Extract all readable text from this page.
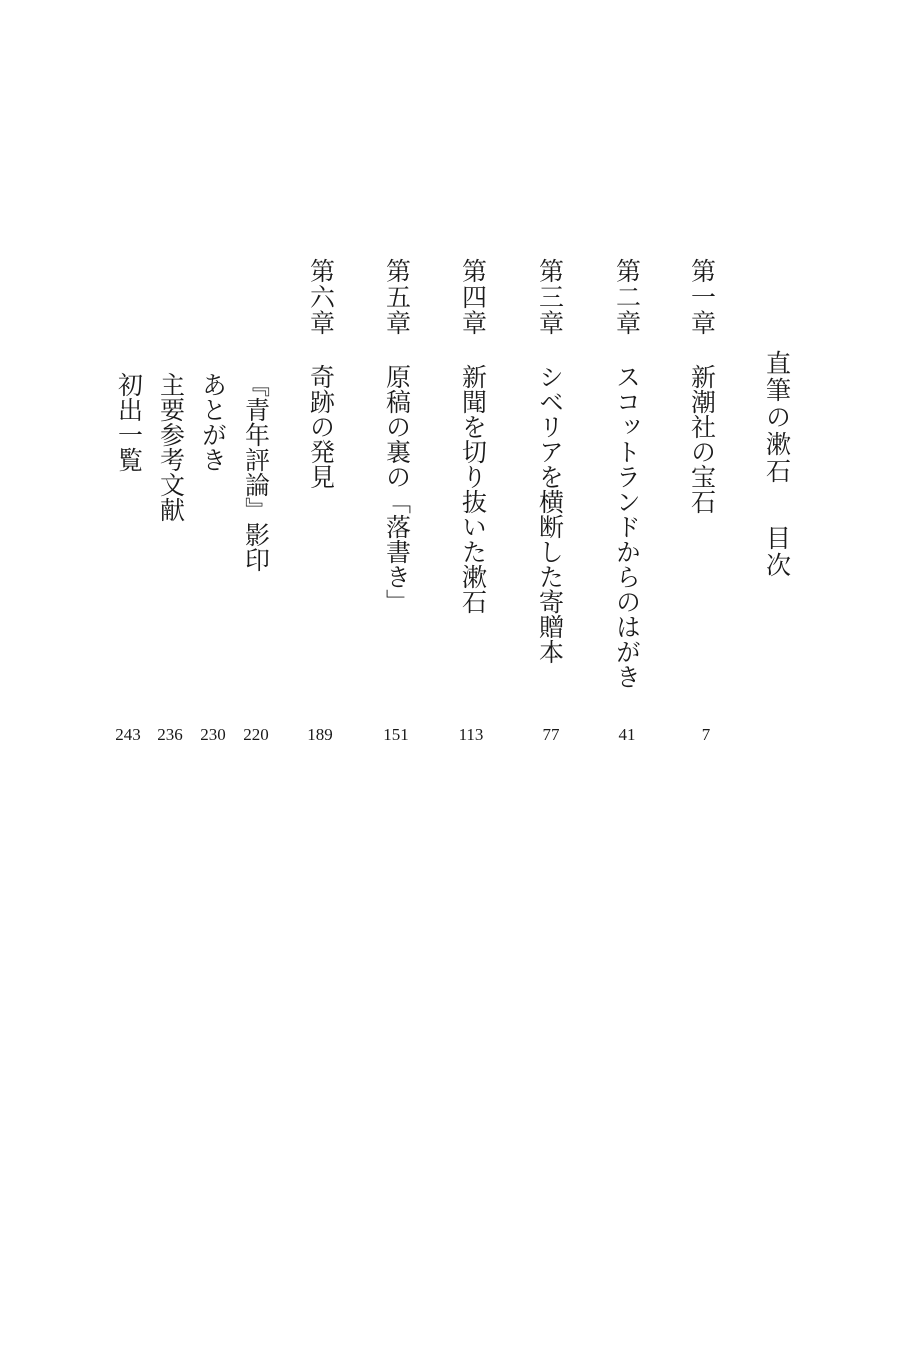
直筆の漱石目次
第一章新潮社の宝石
7
第二章スコットランドからのはがき
41
第三章シベリアを横断した寄贈本
77
第四章新聞を切り抜いた漱石
113
第五章原稿の裏の「落書き」
151
第六章奇跡の発見
189
『青年評論』影印
220
あとがき
230
主要参考文献
236
初出一覧
243
